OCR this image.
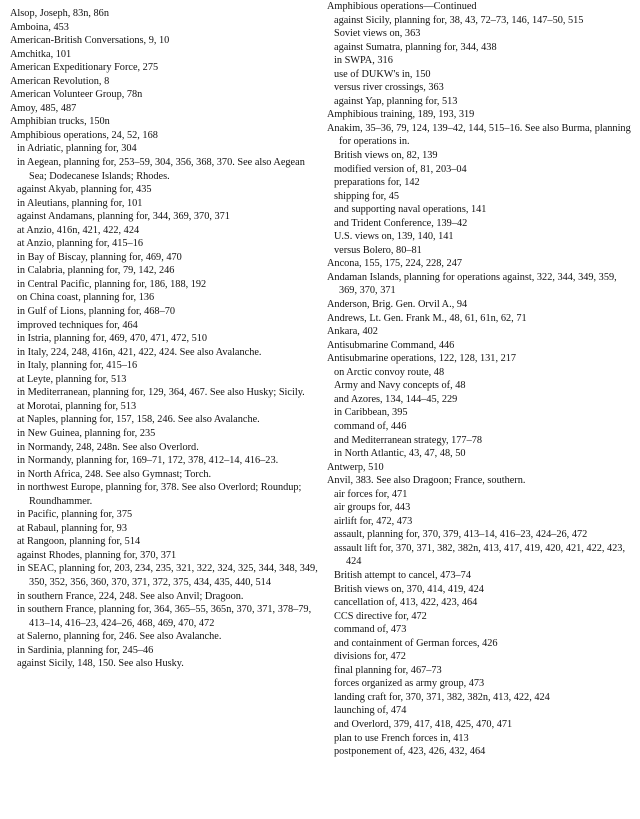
Alsop, Joseph, 83n, 86n

Amboina, 453

American-British Conversations, 9, 10

Amchitka, 101

American Expeditionary Force, 275

American Revolution, 8

American Volunteer Group, 78n

Amoy, 485, 487

Amphibian trucks, 150n

Amphibious operations, 24, 52, 168

in Adriatic, planning for, 304

in Aegean, planning for, 253–59, 304, 356, 368, 370. See also Aegean Sea; Dodecanese Islands; Rhodes.

against Akyab, planning for, 435

in Aleutians, planning for, 101

against Andamans, planning for, 344, 369, 370, 371

at Anzio, 416n, 421, 422, 424

at Anzio, planning for, 415–16

in Bay of Biscay, planning for, 469, 470

in Calabria, planning for, 79, 142, 246

in Central Pacific, planning for, 186, 188, 192

on China coast, planning for, 136

in Gulf of Lions, planning for, 468–70

improved techniques for, 464

in Istria, planning for, 469, 470, 471, 472, 510

in Italy, 224, 248, 416n, 421, 422, 424. See also Avalanche.

in Italy, planning for, 415–16

at Leyte, planning for, 513

in Mediterranean, planning for, 129, 364, 467. See also Husky; Sicily.

at Morotai, planning for, 513

at Naples, planning for, 157, 158, 246. See also Avalanche.

in New Guinea, planning for, 235

in Normandy, 248, 248n. See also Overlord.

in Normandy, planning for, 169–71, 172, 378, 412–14, 416–23.

in North Africa, 248. See also Gymnast; Torch.

in northwest Europe, planning for, 378. See also Overlord; Roundup; Roundhammer.

in Pacific, planning for, 375

at Rabaul, planning for, 93

at Rangoon, planning for, 514

against Rhodes, planning for, 370, 371

in SEAC, planning for, 203, 234, 235, 321, 322, 324, 325, 344, 348, 349, 350, 352, 356, 360, 370, 371, 372, 375, 434, 435, 440, 514

in southern France, 224, 248. See also Anvil; Dragoon.

in southern France, planning for, 364, 365–55, 365n, 370, 371, 378–79, 413–14, 416–23, 424–26, 468, 469, 470, 472

at Salerno, planning for, 246. See also Avalanche.

in Sardinia, planning for, 245–46

against Sicily, 148, 150. See also Husky.

Amphibious operations—Continued

against Sicily, planning for, 38, 43, 72–73, 146, 147–50, 515

Soviet views on, 363

against Sumatra, planning for, 344, 438

in SWPA, 316

use of DUKW's in, 150

versus river crossings, 363

against Yap, planning for, 513

Amphibious training, 189, 193, 319

Anakim, 35–36, 79, 124, 139–42, 144, 515–16. See also Burma, planning for operations in.

British views on, 82, 139

modified version of, 81, 203–04

preparations for, 142

shipping for, 45

and supporting naval operations, 141

and Trident Conference, 139–42

U.S. views on, 139, 140, 141

versus Bolero, 80–81

Ancona, 155, 175, 224, 228, 247

Andaman Islands, planning for operations against, 322, 344, 349, 359, 369, 370, 371

Anderson, Brig. Gen. Orvil A., 94

Andrews, Lt. Gen. Frank M., 48, 61, 61n, 62, 71

Ankara, 402

Antisubmarine Command, 446

Antisubmarine operations, 122, 128, 131, 217

on Arctic convoy route, 48

Army and Navy concepts of, 48

and Azores, 134, 144–45, 229

in Caribbean, 395

command of, 446

and Mediterranean strategy, 177–78

in North Atlantic, 43, 47, 48, 50

Antwerp, 510

Anvil, 383. See also Dragoon; France, southern.

air forces for, 471

air groups for, 443

airlift for, 472, 473

assault, planning for, 370, 379, 413–14, 416–23, 424–26, 472

assault lift for, 370, 371, 382, 382n, 413, 417, 419, 420, 421, 422, 423, 424

British attempt to cancel, 473–74

British views on, 370, 414, 419, 424

cancellation of, 413, 422, 423, 464

CCS directive for, 472

command of, 473

and containment of German forces, 426

divisions for, 472

final planning for, 467–73

forces organized as army group, 473

landing craft for, 370, 371, 382, 382n, 413, 422, 424

launching of, 474

and Overlord, 379, 417, 418, 425, 470, 471

plan to use French forces in, 413

postponement of, 423, 426, 432, 464
